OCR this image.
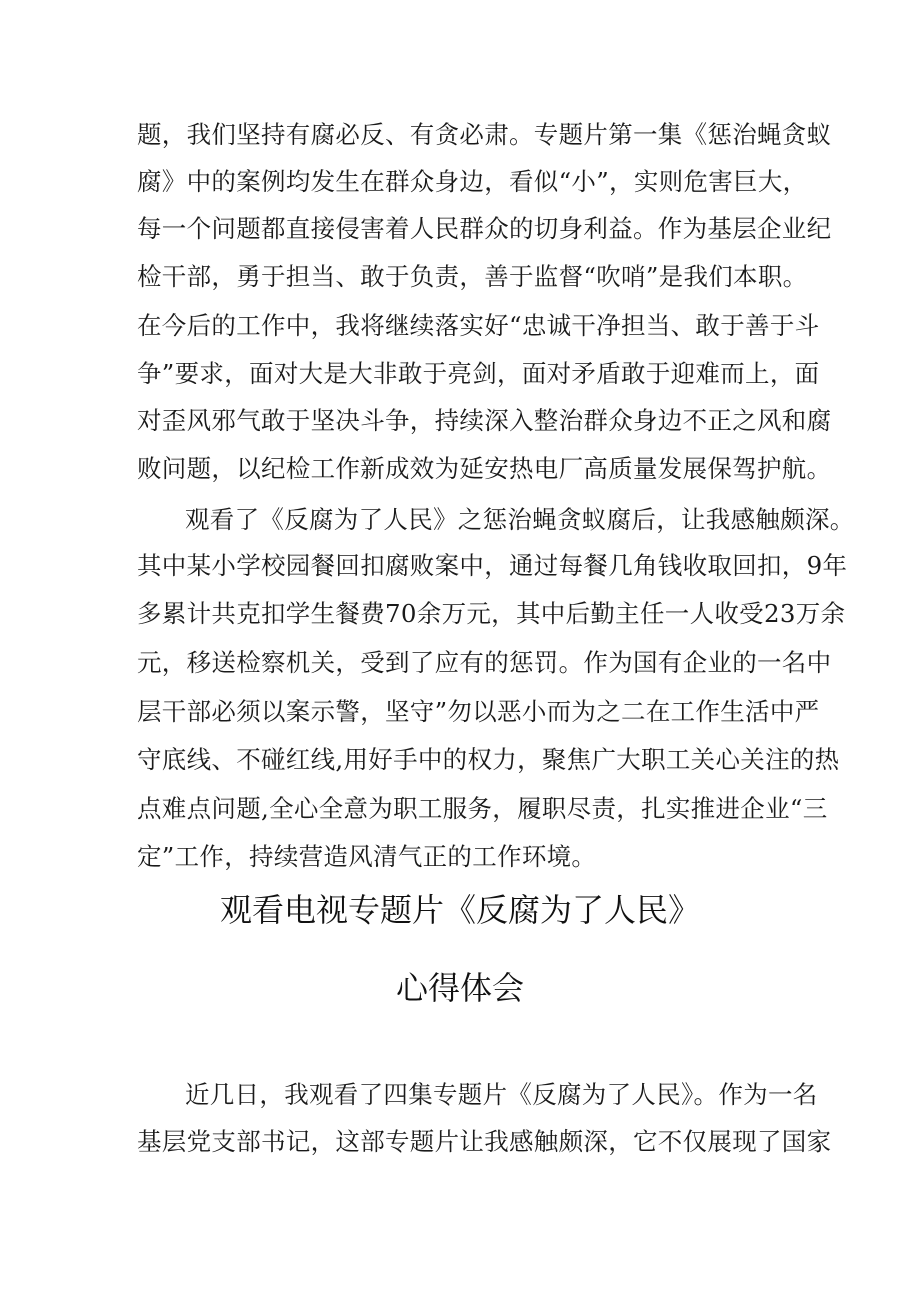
题，我们坚持有腐必反、有贪必肃。专题片第一集《惩治蝇贪蚁
腐》中的案例均发生在群众身边，看似“小”，实则危害巨大，
每一个问题都直接侵害着人民群众的切身利益。作为基层企业纪
检干部，勇于担当、敢于负责，善于监督“吹哨”是我们本职。
在今后的工作中，我将继续落实好“忠诚干净担当、敢于善于斗
争”要求，面对大是大非敢于亮剑，面对矛盾敢于迎难而上，面
对歪风邪气敢于坚决斗争，持续深入整治群众身边不正之风和腐
败问题，以纪检工作新成效为延安热电厂高质量发展保驾护航。
观看了《反腐为了人民》之惩治蝇贪蚁腐后，让我感触颇深。
其中某小学校园餐回扣腐败案中，通过每餐几角钱收取回扣，9年
多累计共克扣学生餐费70余万元，其中后勤主任一人收受23万余
元，移送检察机关，受到了应有的惩罚。作为国有企业的一名中
层干部必须以案示警，坚守”勿以恶小而为之二在工作生活中严
守底线、不碰红线,用好手中的权力，聚焦广大职工关心关注的热
点难点问题,全心全意为职工服务，履职尽责，扎实推进企业“三
定”工作，持续营造风清气正的工作环境。
观看电视专题片《反腐为了人民》
心得体会
近几日，我观看了四集专题片《反腐为了人民》。作为一名
基层党支部书记，这部专题片让我感触颇深，它不仅展现了国家
